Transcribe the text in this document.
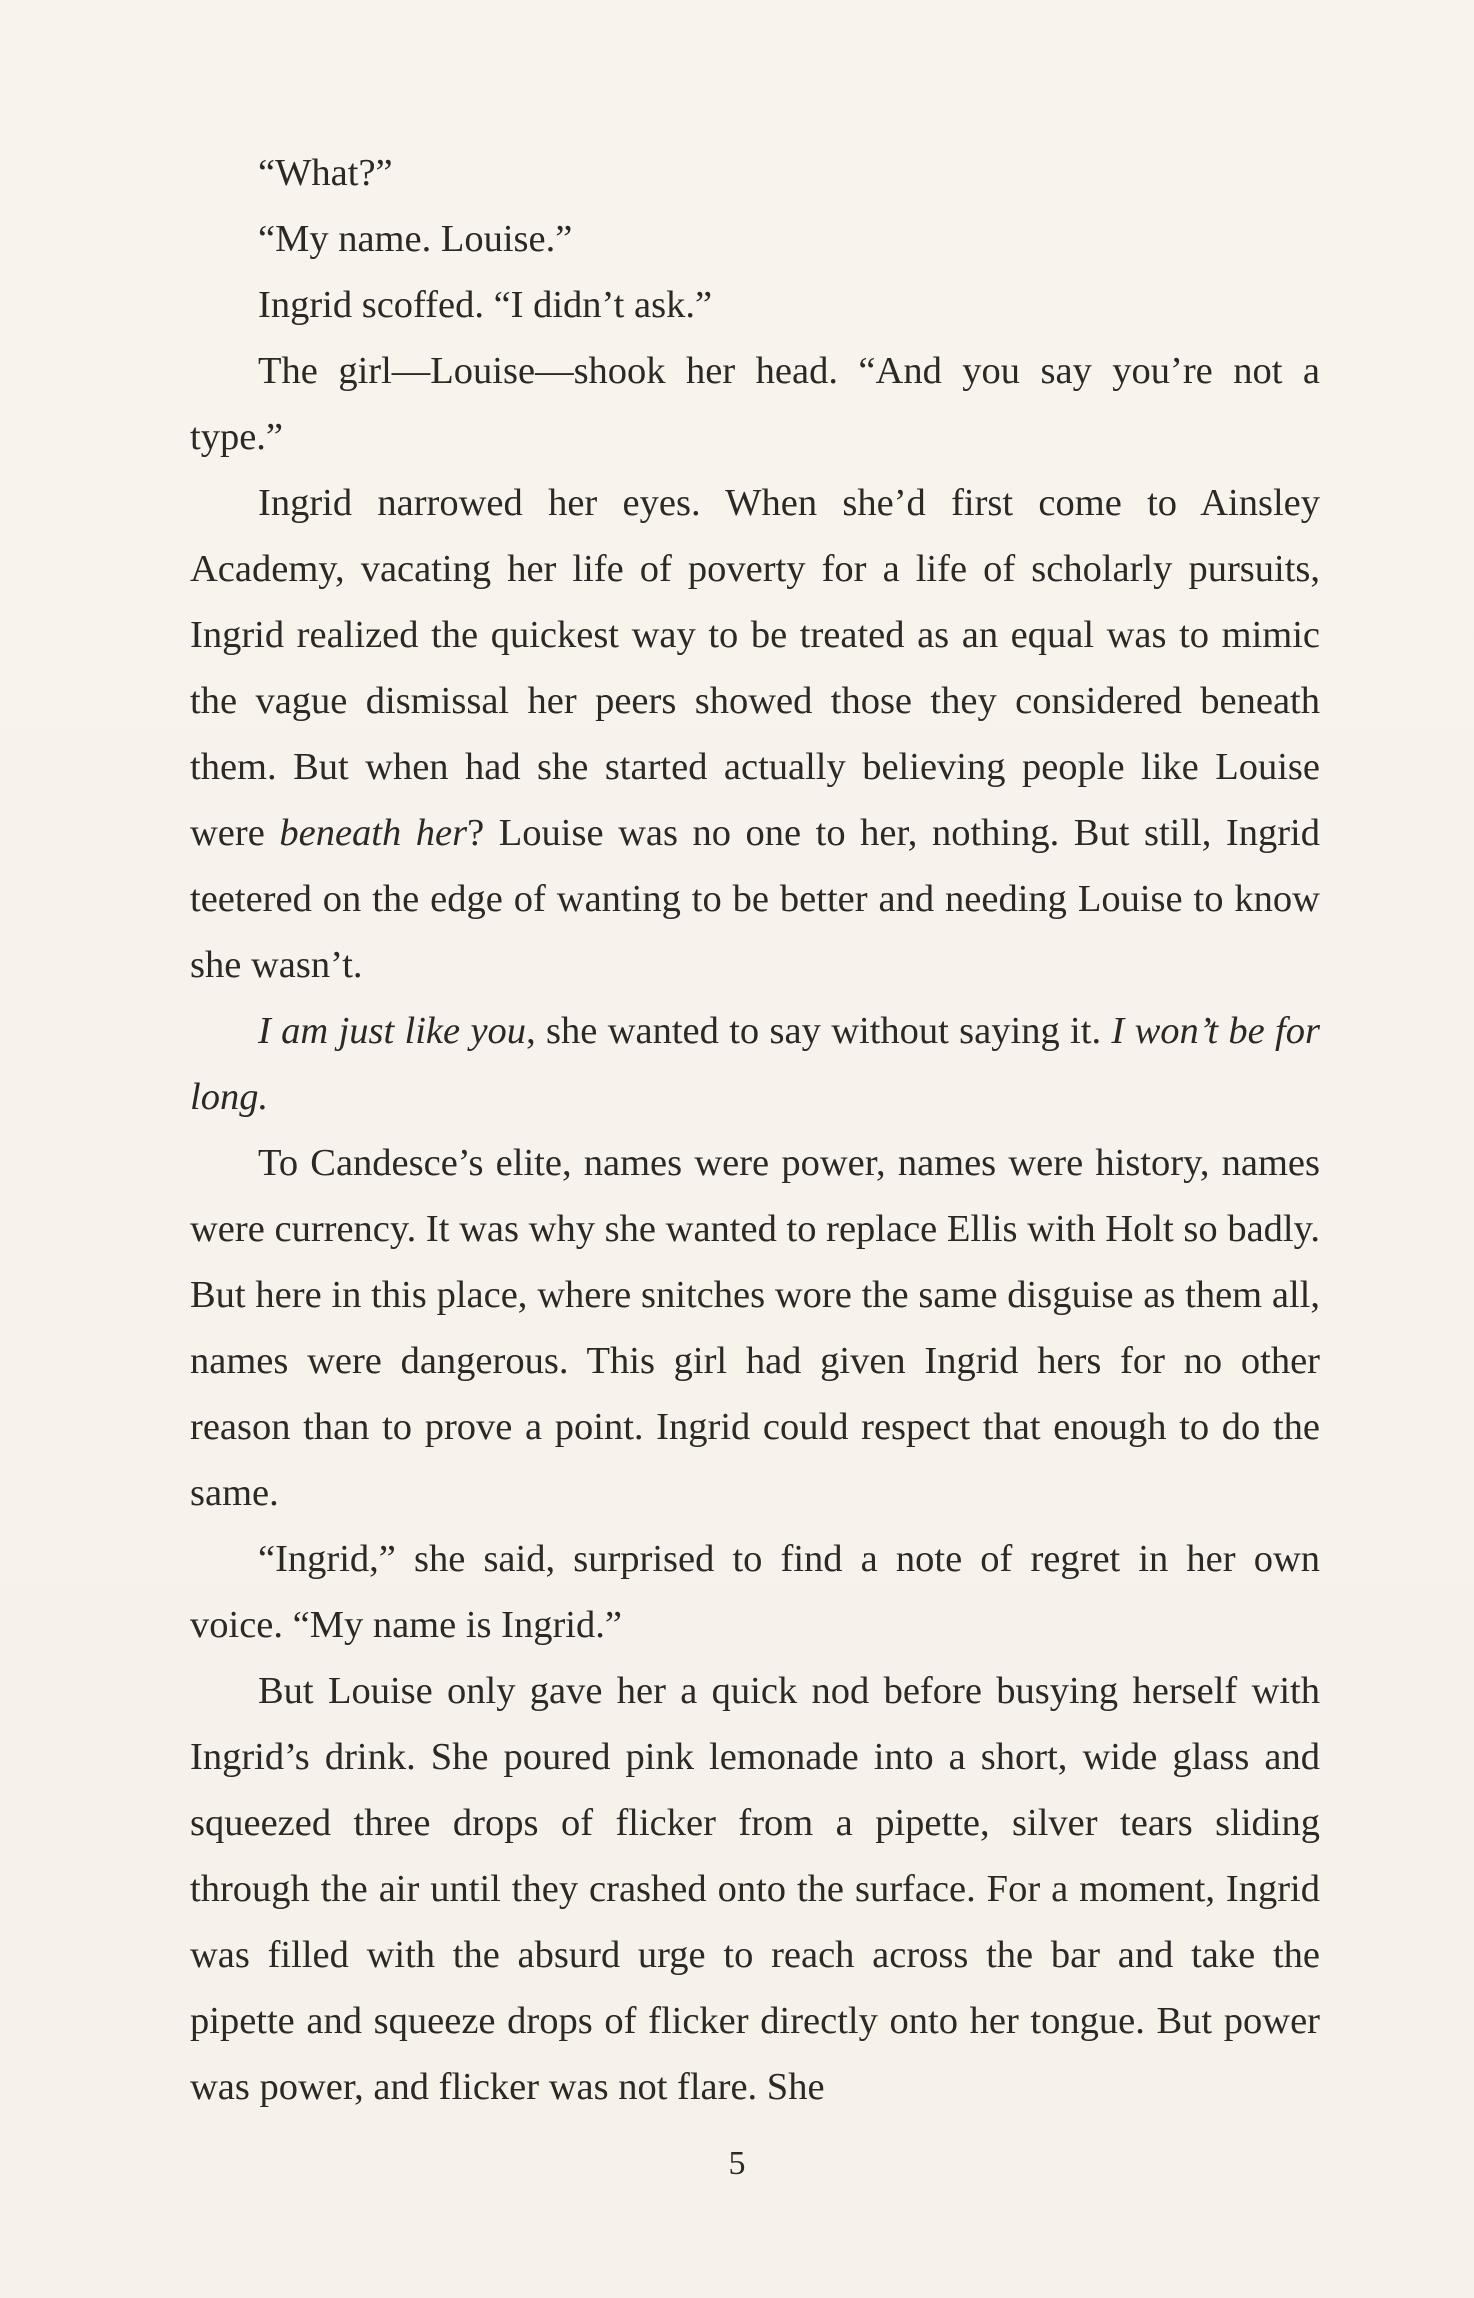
“What?”

“My name. Louise.”

Ingrid scoffed. “I didn’t ask.”

The girl—Louise—shook her head. “And you say you’re not a type.”

Ingrid narrowed her eyes. When she’d first come to Ainsley Academy, vacating her life of poverty for a life of scholarly pursuits, Ingrid realized the quickest way to be treated as an equal was to mimic the vague dismissal her peers showed those they considered beneath them. But when had she started actually believing people like Louise were beneath her? Louise was no one to her, nothing. But still, Ingrid teetered on the edge of wanting to be better and needing Louise to know she wasn’t.

I am just like you, she wanted to say without saying it. I won’t be for long.

To Candesce’s elite, names were power, names were history, names were currency. It was why she wanted to replace Ellis with Holt so badly. But here in this place, where snitches wore the same disguise as them all, names were dangerous. This girl had given Ingrid hers for no other reason than to prove a point. Ingrid could respect that enough to do the same.

“Ingrid,” she said, surprised to find a note of regret in her own voice. “My name is Ingrid.”

But Louise only gave her a quick nod before busying herself with Ingrid’s drink. She poured pink lemonade into a short, wide glass and squeezed three drops of flicker from a pipette, silver tears sliding through the air until they crashed onto the surface. For a moment, Ingrid was filled with the absurd urge to reach across the bar and take the pipette and squeeze drops of flicker directly onto her tongue. But power was power, and flicker was not flare. She

5
